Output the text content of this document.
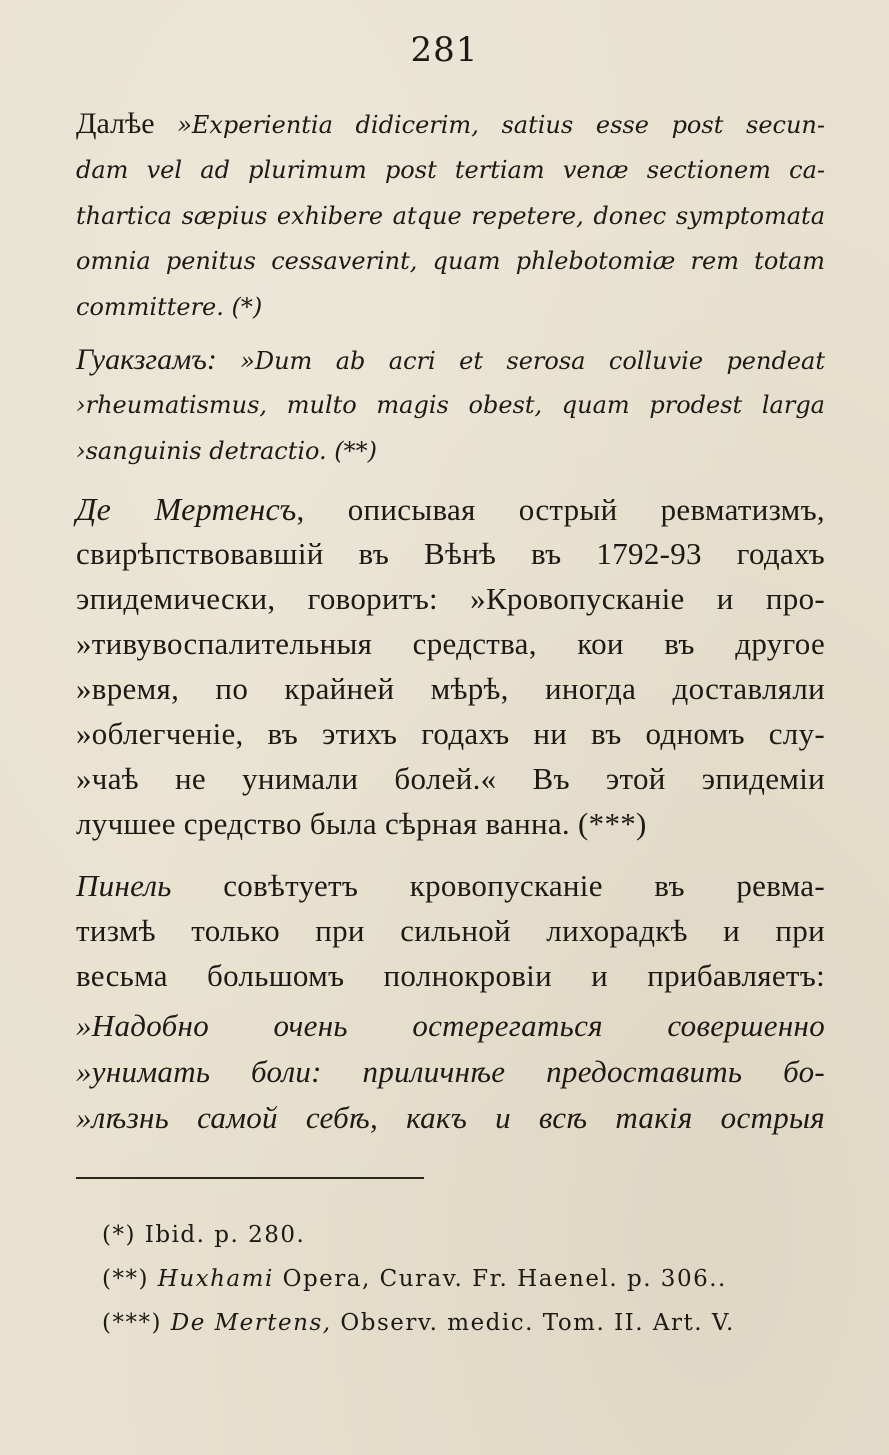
281
Далѣе »Experientia didicerim, satius esse post secun-
dam vel ad plurimum post tertiam venæ sectionem ca-
thartica sæpius exhibere atque repetere, donec symptomata
omnia penitus cessaverint, quam phlebotomiæ rem totam
committere. (*)
Гуакзгамъ: »Dum ab acri et serosa colluvie pendeat
›rheumatismus, multo magis obest, quam prodest larga
›sanguinis detractio. (**)
Де Мертенсъ, описывая острый ревматизмъ,
свирѣпствовавшiй въ Вѣнѣ въ 1792-93 годахъ
эпидемически, говоритъ: »Кровопусканiе и про-
»тивувоспалительныя средства, кои въ другое
»время, по крайней мѣрѣ, иногда доставляли
»облегченiе, въ этихъ годахъ ни въ одномъ слу-
»чаѣ не унимали болей.« Въ этой эпидемiи
лучшее средство была сѣрная ванна. (***)
Пинель совѣтуетъ кровопусканiе въ ревма-
тизмѣ только при сильной лихорадкѣ и при
весьма большомъ полнокровiи и прибавляетъ:
»Надобно очень остерегаться совершенно
»унимать боли: приличнѣе предоставить бо-
»лѣзнь самой себѣ, какъ и всѣ такiя острыя
(*) Ibid. p. 280.
(**) Huxhami Opera, Curav. Fr. Haenel. p. 306..
(***) De Mertens, Observ. medic. Tom. II. Art. V.
